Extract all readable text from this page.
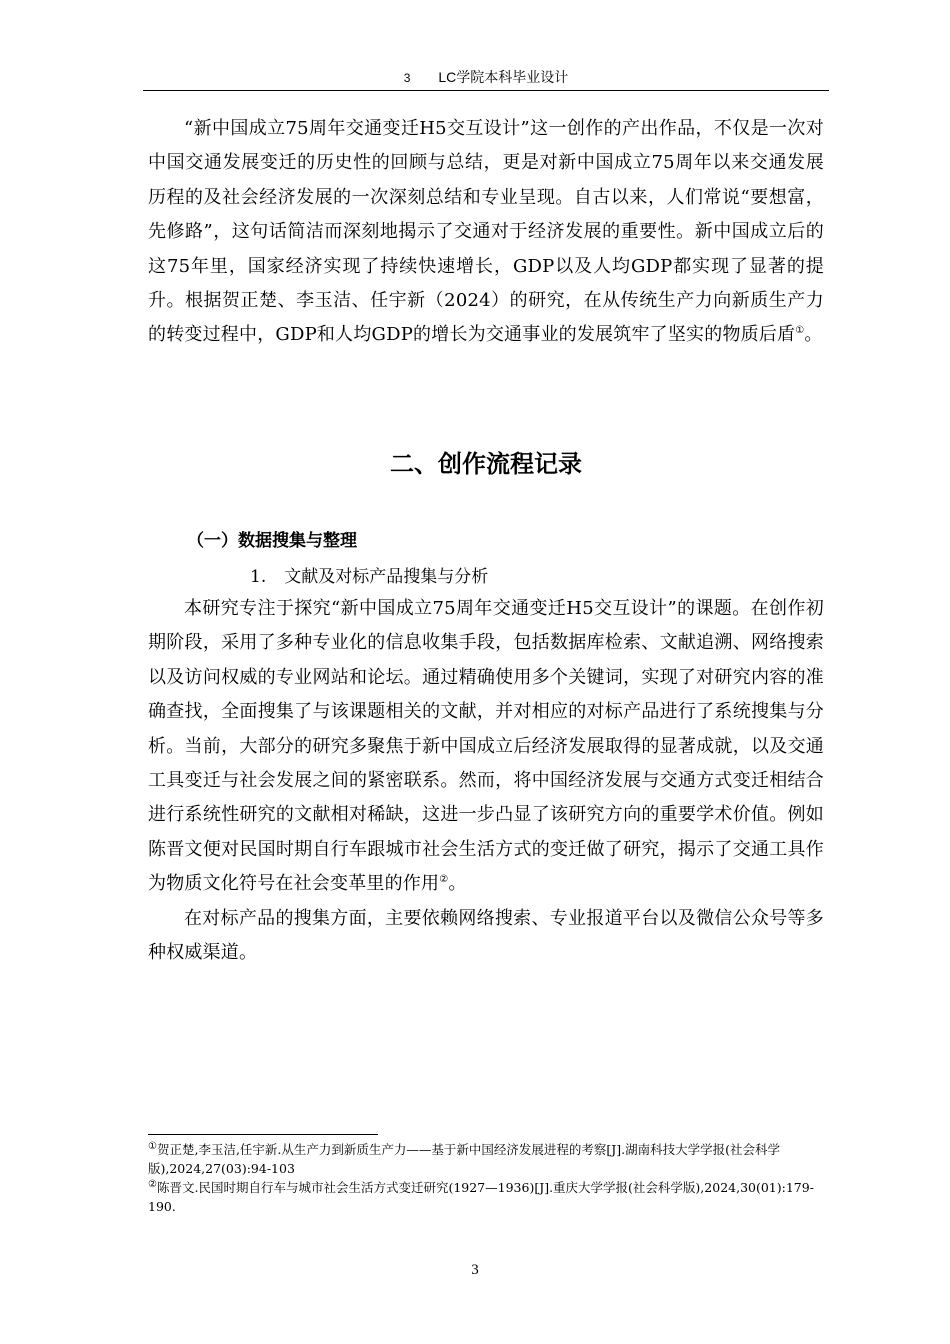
3 LC学院本科毕业设计

“新中国成立75周年交通变迁H5交互设计”这一创作的产出作品，不仅是一次对中国交通发展变迁的历史性的回顾与总结，更是对新中国成立75周年以来交通发展历程的及社会经济发展的一次深刻总结和专业呈现。自古以来，人们常说“要想富，先修路”，这句话简洁而深刻地揭示了交通对于经济发展的重要性。新中国成立后的这75年里，国家经济实现了持续快速增长，GDP以及人均GDP都实现了显著的提升。根据贺正楚、李玉洁、任宇新（2024）的研究，在从传统生产力向新质生产力的转变过程中，GDP和人均GDP的增长为交通事业的发展筑牢了坚实的物质后盾①。

二、创作流程记录
（一）数据搜集与整理
1. 文献及对标产品搜集与分析

本研究专注于探究“新中国成立75周年交通变迁H5交互设计”的课题。在创作初期阶段，采用了多种专业化的信息收集手段，包括数据库检索、文献追溯、网络搜索以及访问权威的专业网站和论坛。通过精确使用多个关键词，实现了对研究内容的准确查找，全面搜集了与该课题相关的文献，并对相应的对标产品进行了系统搜集与分析。当前，大部分的研究多聚焦于新中国成立后经济发展取得的显著成就，以及交通工具变迁与社会发展之间的紧密联系。然而，将中国经济发展与交通方式变迁相结合进行系统性研究的文献相对稀缺，这进一步凸显了该研究方向的重要学术价值。例如陈晋文便对民国时期自行车跟城市社会生活方式的变迁做了研究，揭示了交通工具作为物质文化符号在社会变革里的作用②。

在对标产品的搜集方面，主要依赖网络搜索、专业报道平台以及微信公众号等多种权威渠道。

①贺正楚,李玉洁,任宇新.从生产力到新质生产力——基于新中国经济发展进程的考察[J].湖南科技大学学报(社会科学版),2024,27(03):94-103

②陈晋文.民国时期自行车与城市社会生活方式变迁研究(1927—1936)[J].重庆大学学报(社会科学版),2024,30(01):179-190.

3
